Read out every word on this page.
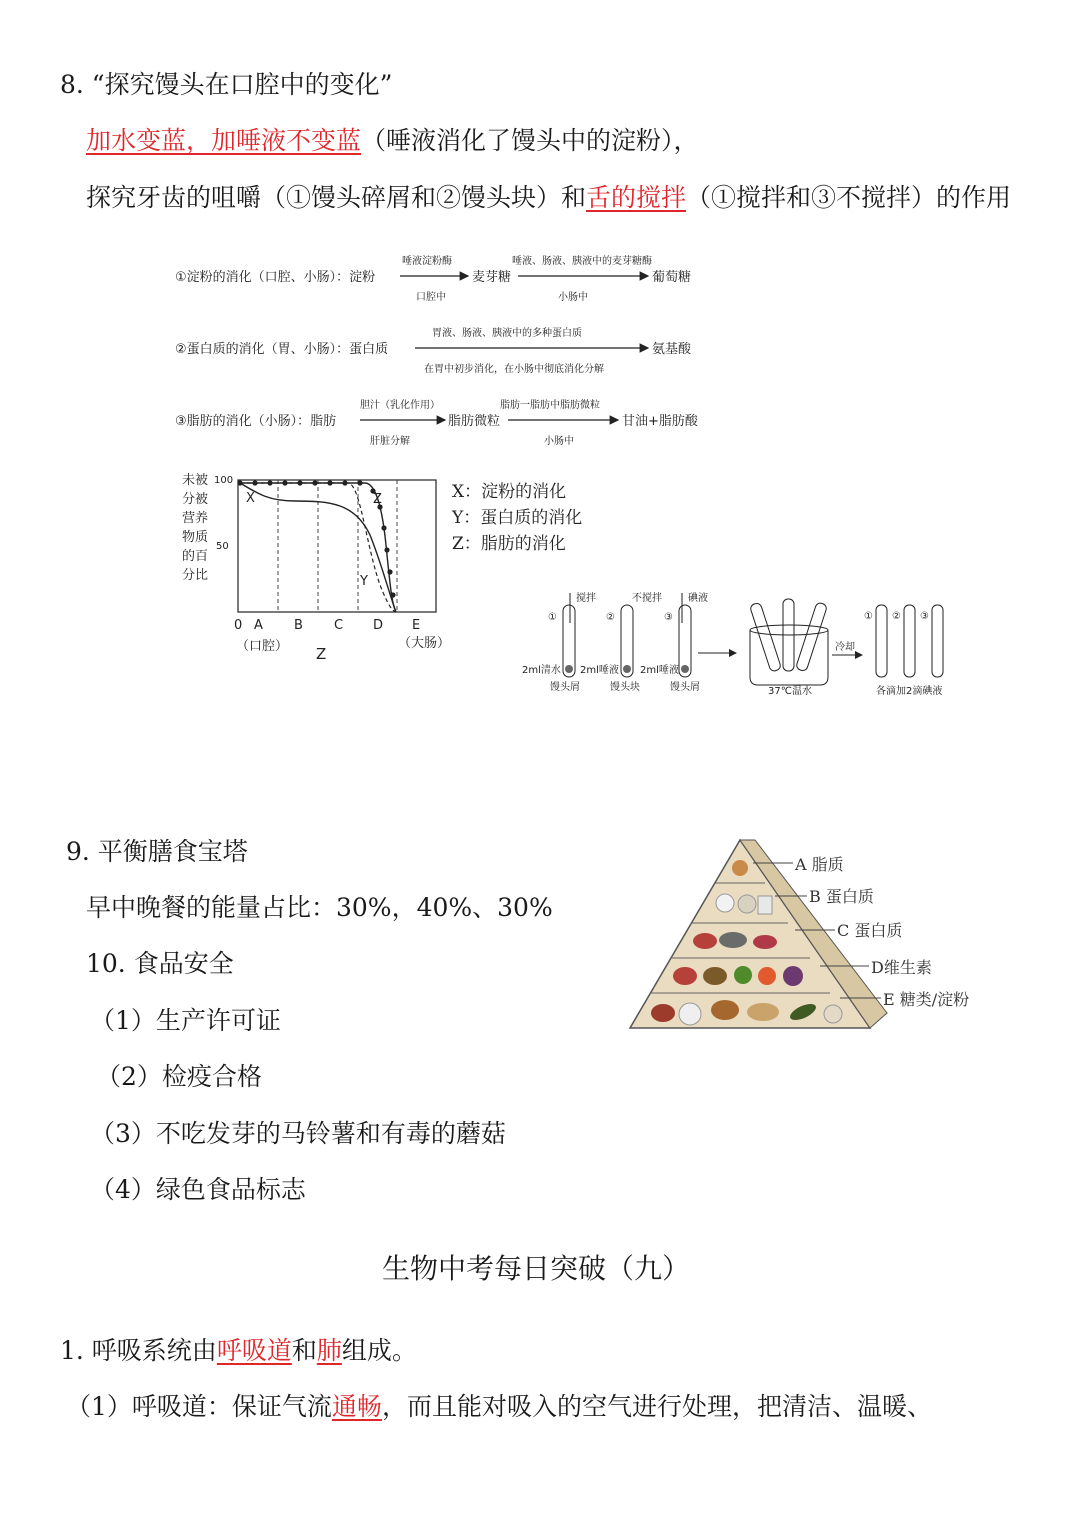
8. “探究馒头在口腔中的变化”
加水变蓝，加唾液不变蓝（唾液消化了馒头中的淀粉），
探究牙齿的咀嚼（①馒头碎屑和②馒头块）和舌的搅拌（①搅拌和③不搅拌）的作用
①淀粉的消化（口腔、小肠）：淀粉
唾液淀粉酶
口腔中
麦芽糖
唾液、肠液、胰液中的麦芽糖酶
小肠中
葡萄糖
②蛋白质的消化（胃、小肠）：蛋白质
胃液、肠液、胰液中的多种蛋白质
在胃中初步消化，在小肠中彻底消化分解
氨基酸
③脂肪的消化（小肠）：脂肪
胆汁（乳化作用）
肝脏分解
脂肪微粒
脂肪一脂肪中脂肪微粒
小肠中
甘油+脂肪酸
未被
分被
营养
物质
的百
分比
100
50
X
Y
Z
0 A B C D E
（口腔）	（大肠）
Z
X：淀粉的消化
Y：蛋白质的消化
Z：脂肪的消化
搅拌	不搅拌	碘液
①	②	③
2ml清水 2ml唾液 2ml唾液
馒头屑	馒头块	馒头屑	37℃温水
冷却
① ② ③
各滴加2滴碘液
9. 平衡膳食宝塔
早中晚餐的能量占比：30%，40%、30%
A 脂质
B 蛋白质
C 蛋白质
D维生素
E 糖类/淀粉
10. 食品安全
（1）生产许可证
（2）检疫合格
（3）不吃发芽的马铃薯和有毒的蘑菇
（4）绿色食品标志
生物中考每日突破（九）
1. 呼吸系统由呼吸道和肺组成。
（1）呼吸道：保证气流通畅，而且能对吸入的空气进行处理，把清洁、温暖、
